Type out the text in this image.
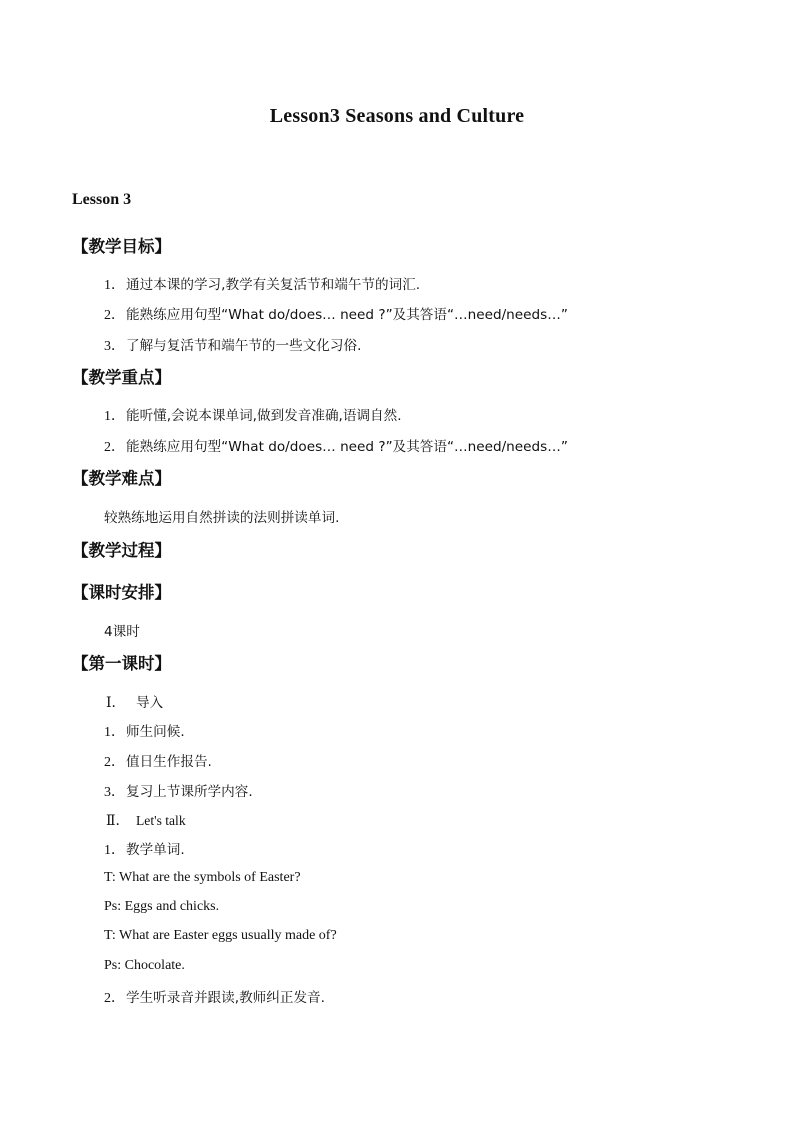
Lesson3 Seasons and Culture
Lesson 3
【教学目标】

1．通过本课的学习,教学有关复活节和端午节的词汇.

2．能熟练应用句型“What do/does… need ?”及其答语“…need/needs…”

3．了解与复活节和端午节的一些文化习俗.

【教学重点】

1．能听懂,会说本课单词,做到发音准确,语调自然.

2．能熟练应用句型“What do/does… need ?”及其答语“…need/needs…”

【教学难点】

较熟练地运用自然拼读的法则拼读单词.

【教学过程】
【课时安排】

4课时

【第一课时】

Ⅰ． 导入

1．师生问候.

2．值日生作报告.

3．复习上节课所学内容.

Ⅱ． Let's talk

1．教学单词.

T: What are the symbols of Easter?

Ps: Eggs and chicks.

T: What are Easter eggs usually made of?

Ps: Chocolate.

2．学生听录音并跟读,教师纠正发音.
